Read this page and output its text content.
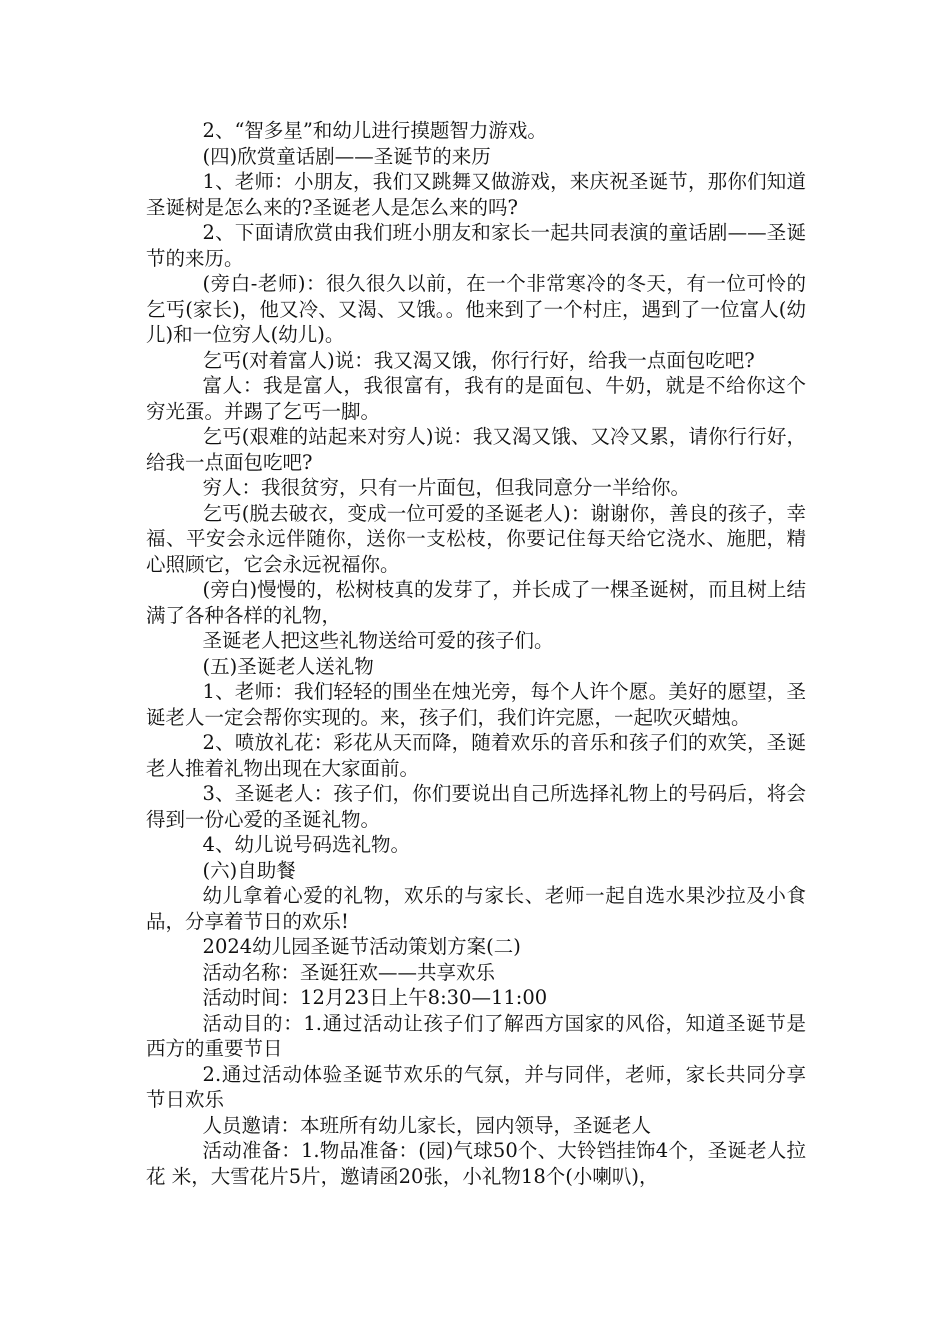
2、“智多星”和幼儿进行摸题智力游戏。

(四)欣赏童话剧——圣诞节的来历

1、老师：小朋友，我们又跳舞又做游戏，来庆祝圣诞节，那你们知道圣诞树是怎么来的?圣诞老人是怎么来的吗?

2、下面请欣赏由我们班小朋友和家长一起共同表演的童话剧——圣诞节的来历。

(旁白-老师)：很久很久以前，在一个非常寒冷的冬天，有一位可怜的乞丐(家长)，他又冷、又渴、又饿。。他来到了一个村庄，遇到了一位富人(幼儿)和一位穷人(幼儿)。

乞丐(对着富人)说：我又渴又饿，你行行好，给我一点面包吃吧?

富人：我是富人，我很富有，我有的是面包、牛奶，就是不给你这个穷光蛋。并踢了乞丐一脚。

乞丐(艰难的站起来对穷人)说：我又渴又饿、又冷又累，请你行行好，给我一点面包吃吧?

穷人：我很贫穷，只有一片面包，但我同意分一半给你。

乞丐(脱去破衣，变成一位可爱的圣诞老人)：谢谢你，善良的孩子，幸福、平安会永远伴随你，送你一支松枝，你要记住每天给它浇水、施肥，精心照顾它，它会永远祝福你。

(旁白)慢慢的，松树枝真的发芽了，并长成了一棵圣诞树，而且树上结满了各种各样的礼物，

圣诞老人把这些礼物送给可爱的孩子们。

(五)圣诞老人送礼物

1、老师：我们轻轻的围坐在烛光旁，每个人许个愿。美好的愿望，圣诞老人一定会帮你实现的。来，孩子们，我们许完愿，一起吹灭蜡烛。

2、喷放礼花：彩花从天而降，随着欢乐的音乐和孩子们的欢笑，圣诞老人推着礼物出现在大家面前。

3、圣诞老人：孩子们，你们要说出自己所选择礼物上的号码后，将会得到一份心爱的圣诞礼物。

4、幼儿说号码选礼物。

(六)自助餐

幼儿拿着心爱的礼物，欢乐的与家长、老师一起自选水果沙拉及小食品，分享着节日的欢乐!

2024幼儿园圣诞节活动策划方案(二)

活动名称：圣诞狂欢——共享欢乐

活动时间：12月23日上午8:30—11:00

活动目的：1.通过活动让孩子们了解西方国家的风俗，知道圣诞节是西方的重要节日

2.通过活动体验圣诞节欢乐的气氛，并与同伴，老师，家长共同分享节日欢乐

人员邀请：本班所有幼儿家长，园内领导，圣诞老人

活动准备：1.物品准备：(园)气球50个、大铃铛挂饰4个，圣诞老人拉花 米，大雪花片5片，邀请函20张，小礼物18个(小喇叭)，
